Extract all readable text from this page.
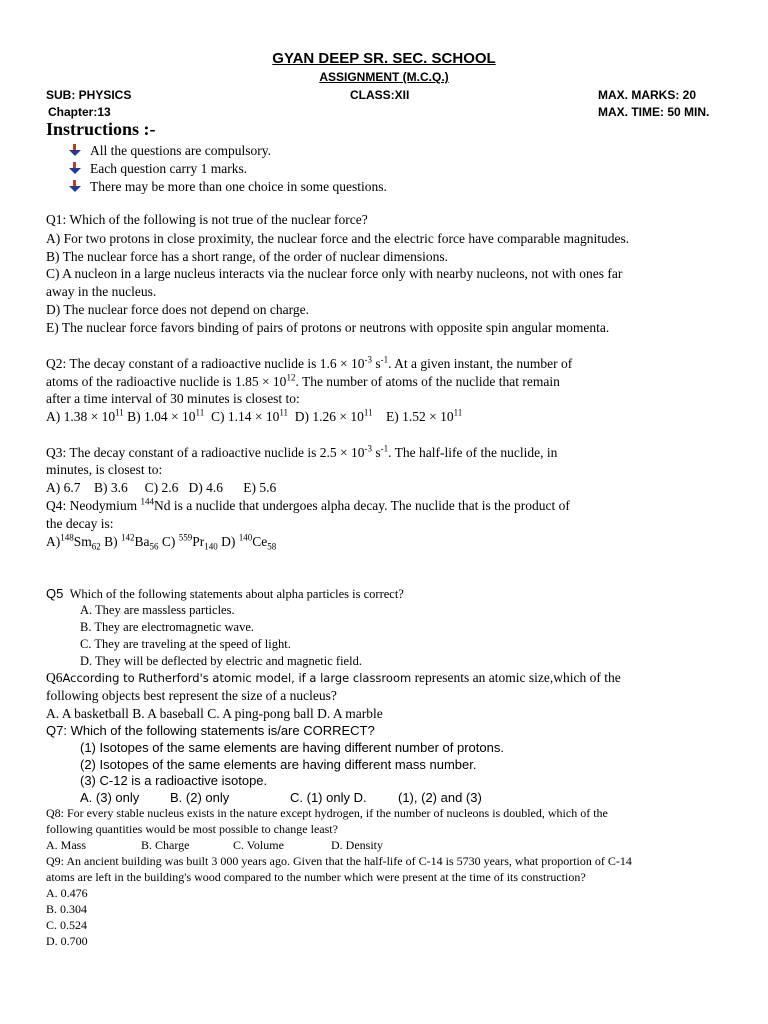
GYAN DEEP SR. SEC. SCHOOL
ASSIGNMENT (M.C.Q.)
SUB: PHYSICS	CLASS:XII	MAX. MARKS: 20
Chapter:13	MAX. TIME: 50 MIN.
Instructions :-
All the questions are compulsory.
Each question carry 1 marks.
There may be more than one choice in some questions.
Q1: Which of the following is not true of the nuclear force?
A) For two protons in close proximity, the nuclear force and the electric force have comparable magnitudes.
B) The nuclear force has a short range, of the order of nuclear dimensions.
C) A nucleon in a large nucleus interacts via the nuclear force only with nearby nucleons, not with ones far
away in the nucleus.
D) The nuclear force does not depend on charge.
E) The nuclear force favors binding of pairs of protons or neutrons with opposite spin angular momenta.
Q2: The decay constant of a radioactive nuclide is $1.6 \times 10^{-3}$ $s^{-1}$. At a given instant, the number of
atoms of the radioactive nuclide is $1.85 \times 10^{12}$. The number of atoms of the nuclide that remain
after a time interval of 30 minutes is closest to:
A) $1.38 \times 10^{11}$ B) $1.04 \times 10^{11}$  C) $1.14 \times 10^{11}$  D) $1.26 \times 10^{11}$    E) $1.52 \times 10^{11}$
Q3: The decay constant of a radioactive nuclide is $2.5 \times 10^{-3}$ $s^{-1}$. The half-life of the nuclide, in
minutes, is closest to:
A) 6.7    B) 3.6     C) 2.6   D) 4.6      E) 5.6
Q4: Neodymium $^{144}$Nd is a nuclide that undergoes alpha decay. The nuclide that is the product of
the decay is:
$A)^{148}Sm_{62}$ B) $^{142}Ba_{56}$ C) $^{559}Pr_{140}$ D) $^{140}Ce_{58}$
Q5 Which of the following statements about alpha particles is correct?
A. They are massless particles.
B. They are electromagnetic wave.
C. They are traveling at the speed of light.
D. They will be deflected by electric and magnetic field.
Q6According to Rutherford's atomic model, if a large classroom represents an atomic size,which of the
following objects best represent the size of a nucleus?
A. A basketball B. A baseball C. A ping-pong ball D. A marble
Q7: Which of the following statements is/are CORRECT?
(1) Isotopes of the same elements are having different number of protons.
(2) Isotopes of the same elements are having different mass number.
(3) C-12 is a radioactive isotope.
A. (3) only B. (2) only	C. (1) only D. (1), (2) and (3)
Q8: For every stable nucleus exists in the nature except hydrogen, if the number of nucleons is doubled, which of the
following quantities would be most possible to change least?
A. Mass	B. Charge	C. Volume	D. Density
Q9: An ancient building was built 3 000 years ago. Given that the half-life of C-14 is 5730 years, what proportion of C-14
atoms are left in the building's wood compared to the number which were present at the time of its construction?
A. 0.476
B. 0.304
C. 0.524
D. 0.700
